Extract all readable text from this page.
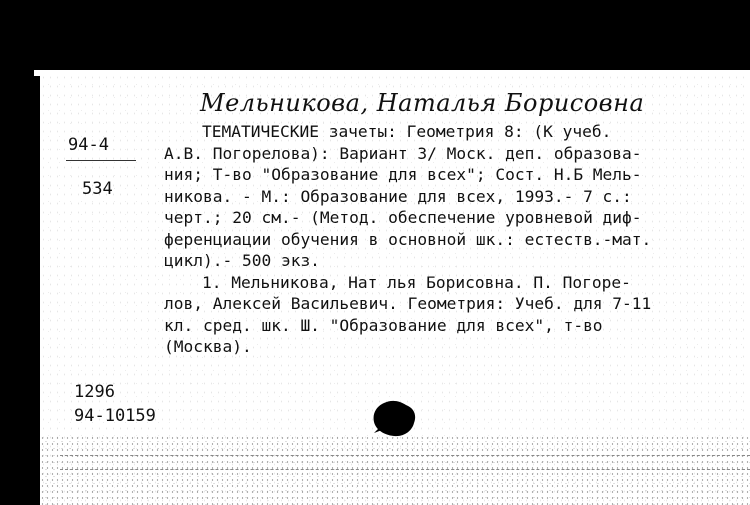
Мельникова, Наталья Борисовна
94-4
534
ТЕМАТИЧЕСКИЕ зачеты: Геометрия 8: (К учеб.
А.В. Погорелова): Вариант 3/ Моск. деп. образова-
ния; Т-во "Образование для всех"; Сост. Н.Б Мель-
никова. - М.: Образование для всех, 1993.- 7 с.:
черт.; 20 см.- (Метод. обеспечение уровневой диф-
ференциации обучения в основной шк.: естеств.-мат.
цикл).- 500 экз.
1. Мельникова, Нат лья Борисовна. П. Погоре-
лов, Алексей Васильевич. Геометрия: Учеб. для 7-11
кл. сред. шк. Ш. "Образование для всех", т-во
(Москва).
1296
94-10159
